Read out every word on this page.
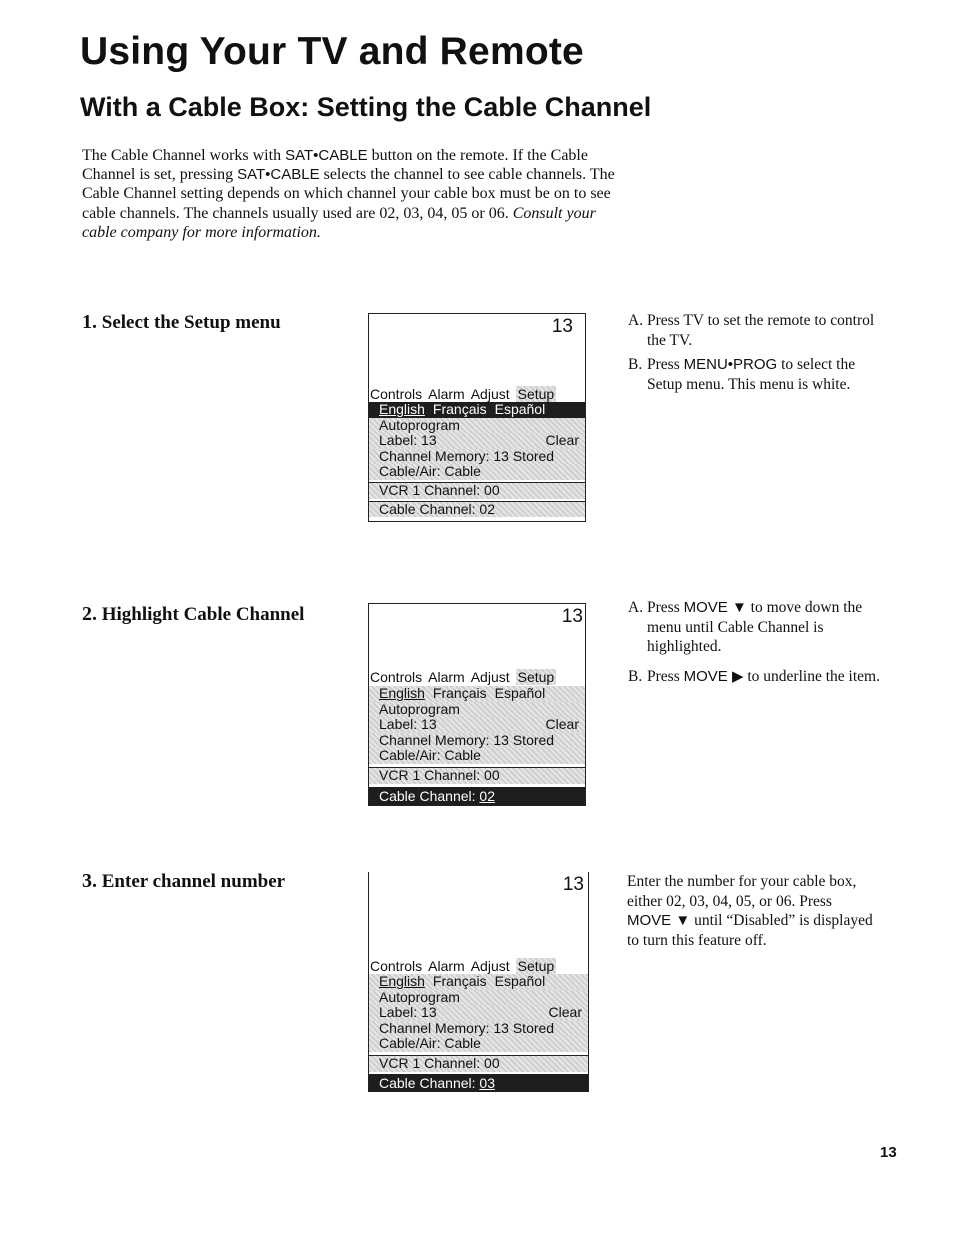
Using Your TV and Remote
With a Cable Box: Setting the Cable Channel
The Cable Channel works with SAT•CABLE button on the remote. If the Cable Channel is set, pressing SAT•CABLE selects the channel to see cable channels. The Cable Channel setting depends on which channel your cable box must be on to see cable channels. The channels usually used are 02, 03, 04, 05 or 06. Consult your cable company for more information.
1. Select the Setup menu	13
Controls Alarm Adjust Setup
English Français Español
Autoprogram
Label: 13	Clear
Channel Memory: 13 Stored
Cable/Air: Cable
VCR 1 Channel: 00
Cable Channel: 02
A. Press TV to set the remote to control the TV.
B. Press MENU•PROG to select the Setup menu. This menu is white.
2. Highlight Cable Channel	13
Controls Alarm Adjust Setup
English Français Español
Autoprogram
Label: 13	Clear
Channel Memory: 13 Stored
Cable/Air: Cable
VCR 1 Channel: 00
Cable Channel: 02
A. Press MOVE ▼ to move down the menu until Cable Channel is highlighted.
B. Press MOVE ▶ to underline the item.
3. Enter channel number	13
Controls Alarm Adjust Setup
English Français Español
Autoprogram
Label: 13	Clear
Channel Memory: 13 Stored
Cable/Air: Cable
VCR 1 Channel: 00
Cable Channel: 03
Enter the number for your cable box, either 02, 03, 04, 05, or 06. Press MOVE ▼ until “Disabled” is displayed to turn this feature off.
13
